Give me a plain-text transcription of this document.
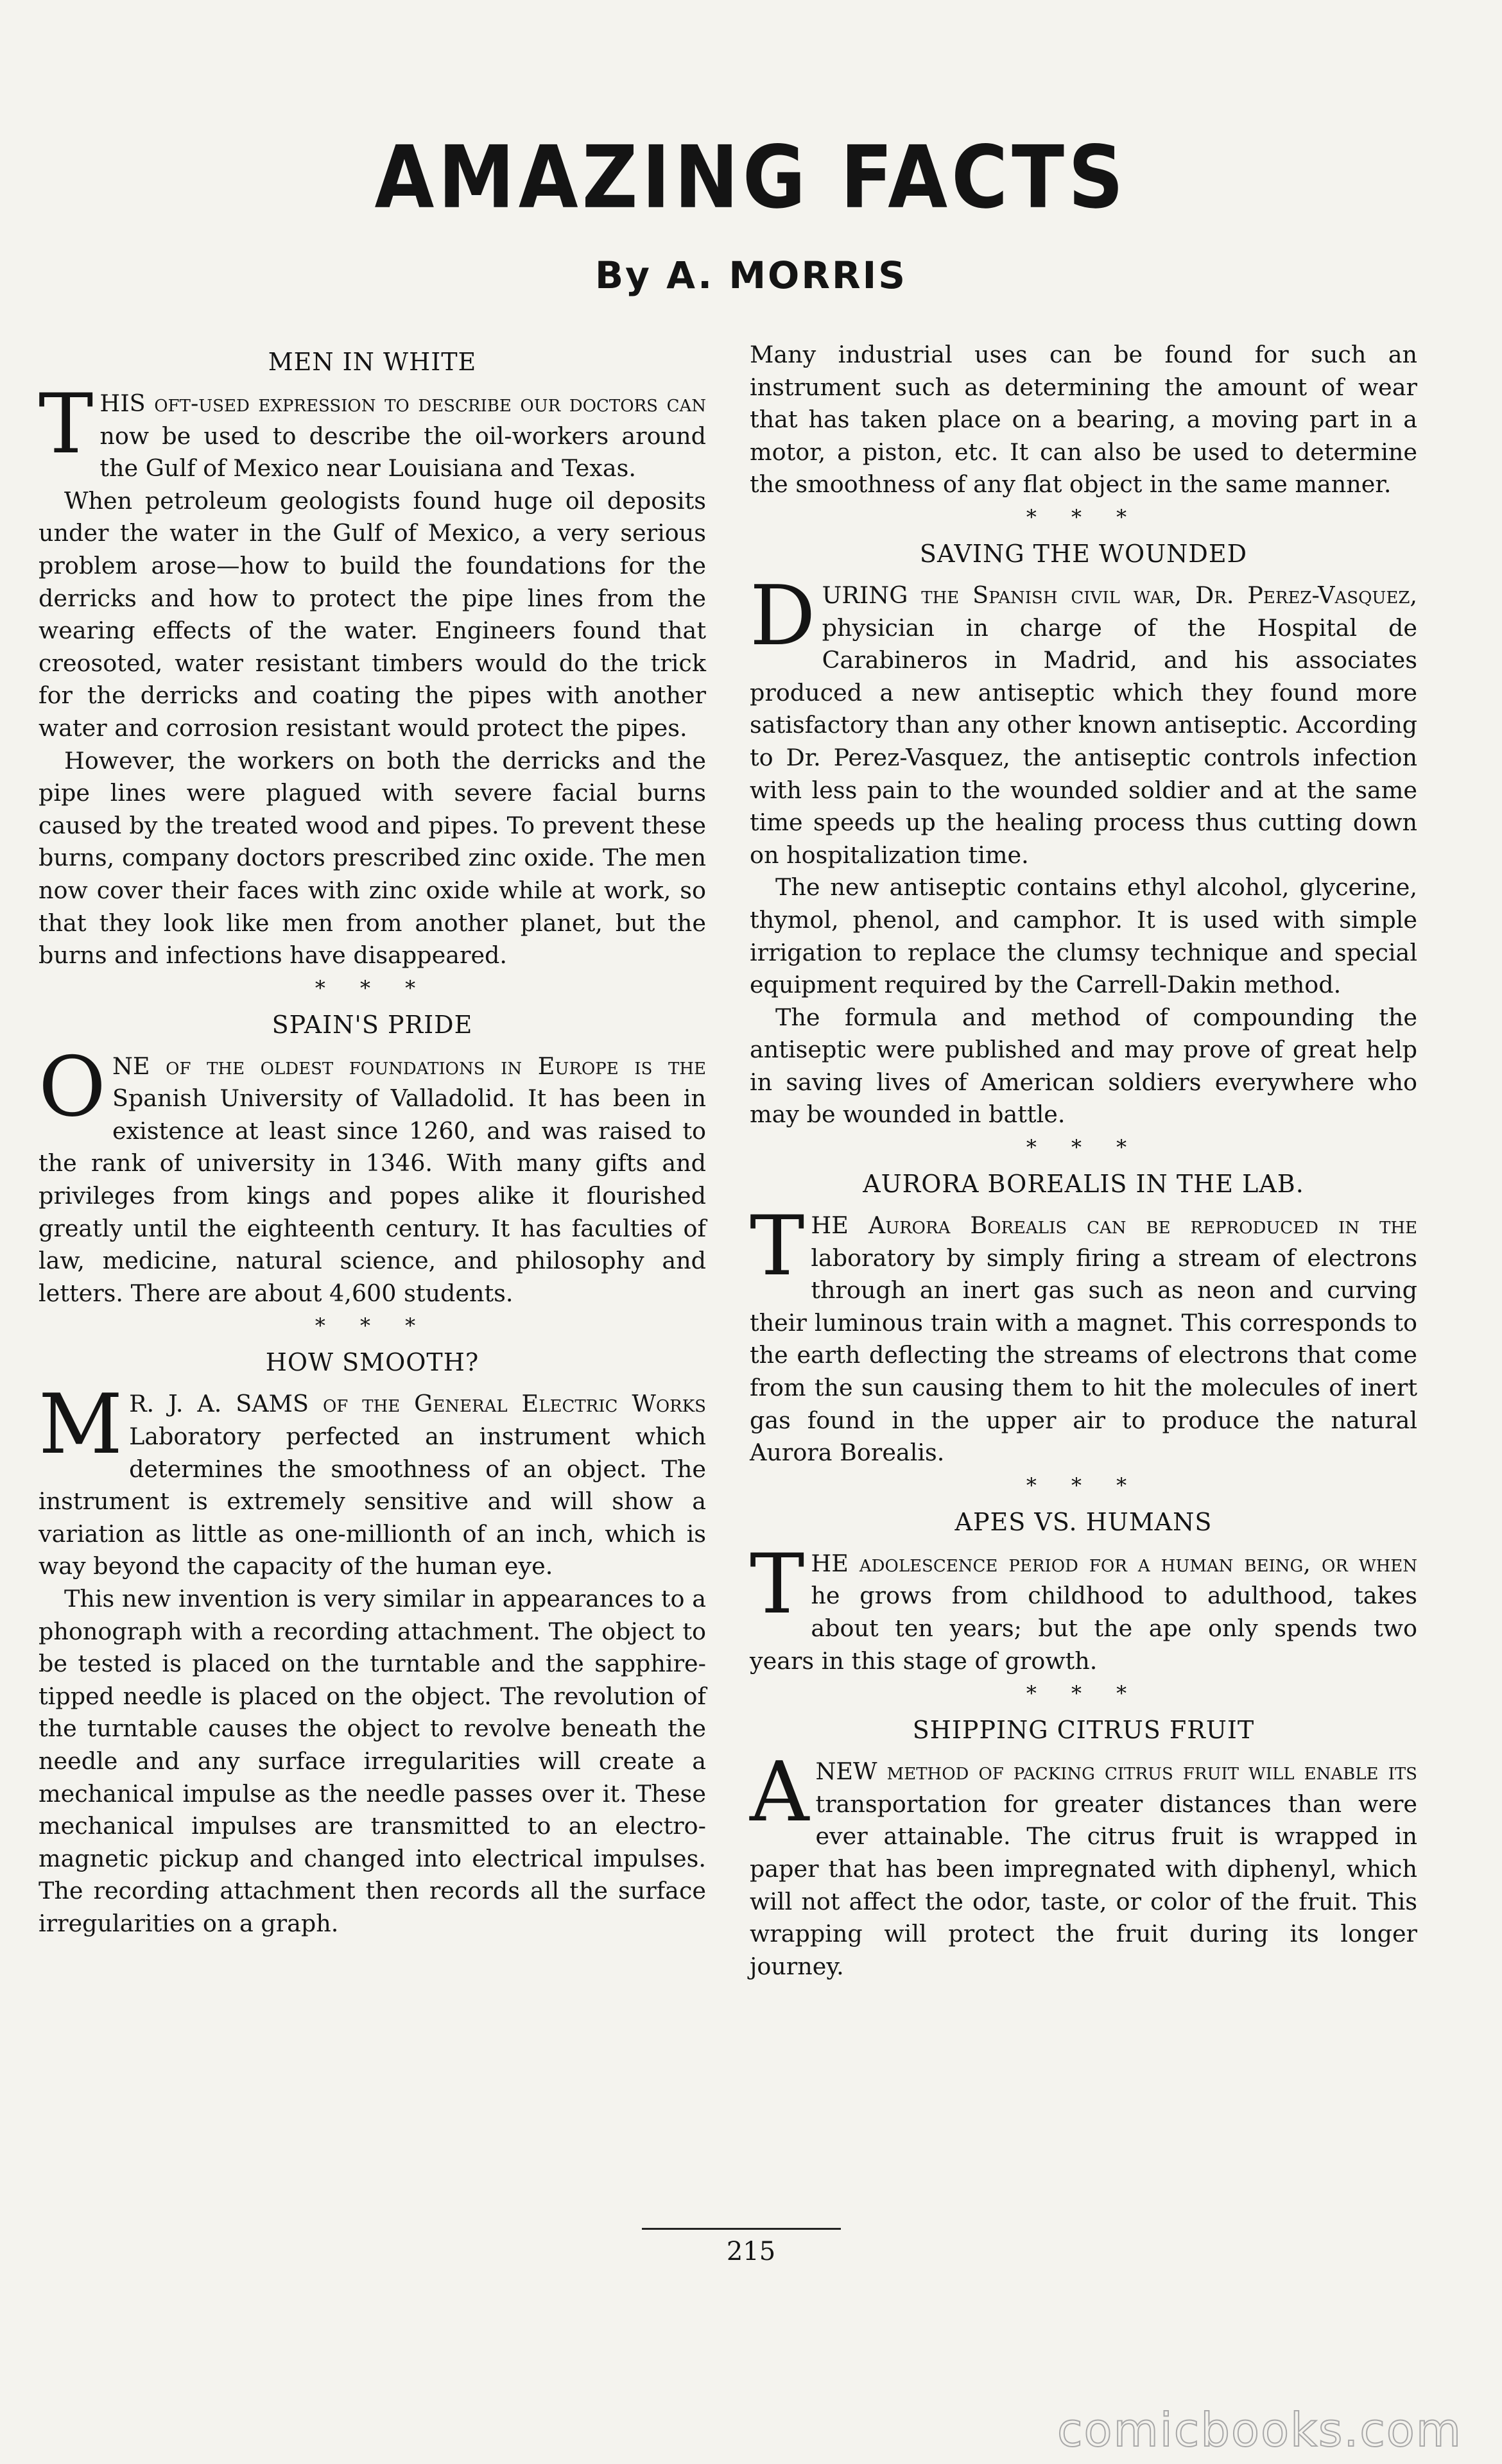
AMAZING FACTS
By A. MORRIS
MEN IN WHITE

THIS oft-used expression to describe our doctors can now be used to describe the oil-workers around the Gulf of Mexico near Louisiana and Texas.

When petroleum geologists found huge oil deposits under the water in the Gulf of Mexico, a very serious problem arose—how to build the foundations for the derricks and how to protect the pipe lines from the wearing effects of the water. Engineers found that creosoted, water resistant timbers would do the trick for the derricks and coating the pipes with another water and corrosion resistant would protect the pipes.

However, the workers on both the derricks and the pipe lines were plagued with severe facial burns caused by the treated wood and pipes. To prevent these burns, company doctors prescribed zinc oxide. The men now cover their faces with zinc oxide while at work, so that they look like men from another planet, but the burns and infections have disappeared.

* * *
SPAIN'S PRIDE

ONE of the oldest foundations in Europe is the Spanish University of Valladolid. It has been in existence at least since 1260, and was raised to the rank of university in 1346. With many gifts and privileges from kings and popes alike it flourished greatly until the eighteenth century. It has faculties of law, medicine, natural science, and philosophy and letters. There are about 4,600 students.

* * *
HOW SMOOTH?

M R. J. A. SAMS of the General Electric Works Laboratory perfected an instrument which determines the smoothness of an object. The instrument is extremely sensitive and will show a variation as little as one-millionth of an inch, which is way beyond the capacity of the human eye.

This new invention is very similar in appearances to a phonograph with a recording attachment. The object to be tested is placed on the turntable and the sapphire-tipped needle is placed on the object. The revolution of the turntable causes the object to revolve beneath the needle and any surface irregularities will create a mechanical impulse as the needle passes over it. These mechanical impulses are transmitted to an electro-magnetic pickup and changed into electrical impulses. The recording attachment then records all the surface irregularities on a graph.

Many industrial uses can be found for such an instrument such as determining the amount of wear that has taken place on a bearing, a moving part in a motor, a piston, etc. It can also be used to determine the smoothness of any flat object in the same manner.

* * *
SAVING THE WOUNDED

DURING the Spanish civil war, Dr. Perez-Vasquez, physician in charge of the Hospital de Carabineros in Madrid, and his associates produced a new antiseptic which they found more satisfactory than any other known antiseptic. According to Dr. Perez-Vasquez, the antiseptic controls infection with less pain to the wounded soldier and at the same time speeds up the healing process thus cutting down on hospitalization time.

The new antiseptic contains ethyl alcohol, glycerine, thymol, phenol, and camphor. It is used with simple irrigation to replace the clumsy technique and special equipment required by the Carrell-Dakin method.

The formula and method of compounding the antiseptic were published and may prove of great help in saving lives of American soldiers everywhere who may be wounded in battle.

* * *
AURORA BOREALIS IN THE LAB.

THE Aurora Borealis can be reproduced in the laboratory by simply firing a stream of electrons through an inert gas such as neon and curving their luminous train with a magnet. This corresponds to the earth deflecting the streams of electrons that come from the sun causing them to hit the molecules of inert gas found in the upper air to produce the natural Aurora Borealis.

* * *
APES VS. HUMANS

THE adolescence period for a human being, or when he grows from childhood to adulthood, takes about ten years; but the ape only spends two years in this stage of growth.

* * *
SHIPPING CITRUS FRUIT

ANEW method of packing citrus fruit will enable its transportation for greater distances than were ever attainable. The citrus fruit is wrapped in paper that has been impregnated with diphenyl, which will not affect the odor, taste, or color of the fruit. This wrapping will protect the fruit during its longer journey.

215
comicbooks.com
